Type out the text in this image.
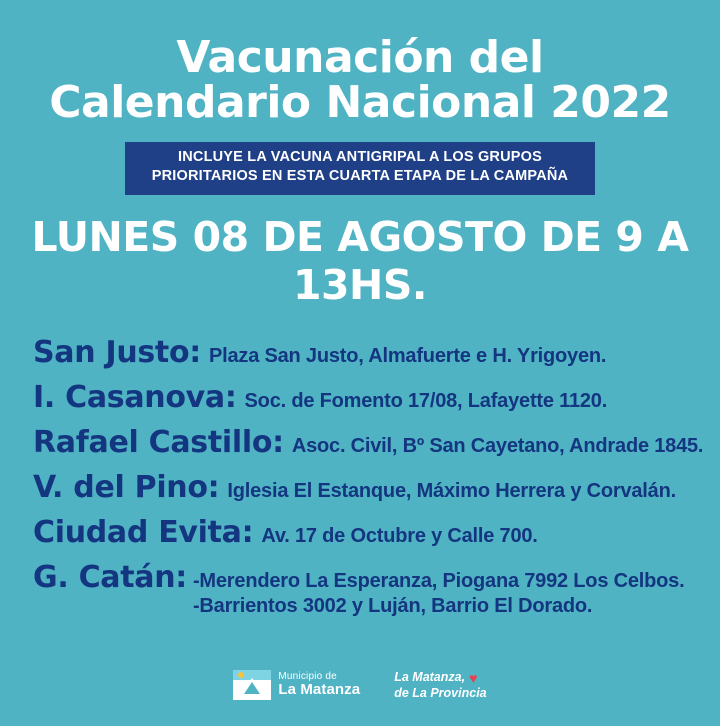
Vacunación del
Calendario Nacional 2022
INCLUYE LA VACUNA ANTIGRIPAL A LOS GRUPOS
PRIORITARIOS EN ESTA CUARTA ETAPA DE LA CAMPAÑA
LUNES 08 DE AGOSTO DE 9 A 13HS.
San Justo: Plaza San Justo, Almafuerte e H. Yrigoyen.
I. Casanova: Soc. de Fomento 17/08, Lafayette 1120.
Rafael Castillo: Asoc. Civil, Bº San Cayetano, Andrade 1845.
V. del Pino: Iglesia El Estanque, Máximo Herrera y Corvalán.
Ciudad Evita: Av. 17 de Octubre y Calle 700.
G. Catán: -Merendero La Esperanza, Piogana 7992 Los Celbos.
-Barrientos 3002 y Luján, Barrio El Dorado.
Municipio de
La Matanza
La Matanza, ♥
de La Provincia
